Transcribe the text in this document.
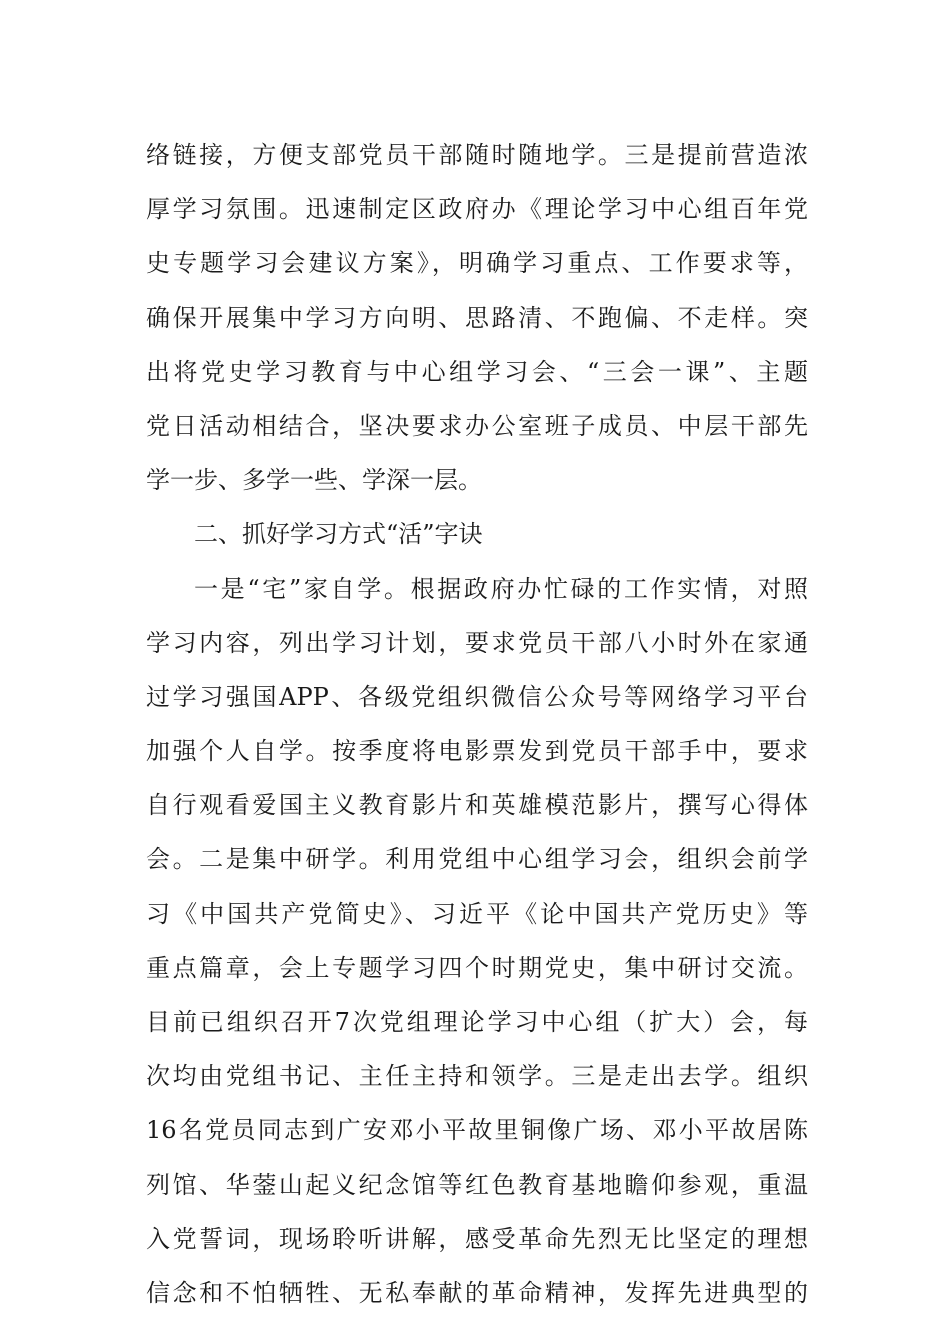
络链接，方便支部党员干部随时随地学。三是提前营造浓
厚学习氛围。迅速制定区政府办《理论学习中心组百年党
史专题学习会建议方案》，明确学习重点、工作要求等，
确保开展集中学习方向明、思路清、不跑偏、不走样。突
出将党史学习教育与中心组学习会、“三会一课”、主题
党日活动相结合，坚决要求办公室班子成员、中层干部先
学一步、多学一些、学深一层。
二、抓好学习方式“活”字诀
一是“宅”家自学。根据政府办忙碌的工作实情，对照
学习内容，列出学习计划，要求党员干部八小时外在家通
过学习强国APP、各级党组织微信公众号等网络学习平台
加强个人自学。按季度将电影票发到党员干部手中，要求
自行观看爱国主义教育影片和英雄模范影片，撰写心得体
会。二是集中研学。利用党组中心组学习会，组织会前学
习《中国共产党简史》、习近平《论中国共产党历史》等
重点篇章，会上专题学习四个时期党史，集中研讨交流。
目前已组织召开7次党组理论学习中心组（扩大）会，每
次均由党组书记、主任主持和领学。三是走出去学。组织
16名党员同志到广安邓小平故里铜像广场、邓小平故居陈
列馆、华蓥山起义纪念馆等红色教育基地瞻仰参观，重温
入党誓词，现场聆听讲解，感受革命先烈无比坚定的理想
信念和不怕牺牲、无私奉献的革命精神，发挥先进典型的
